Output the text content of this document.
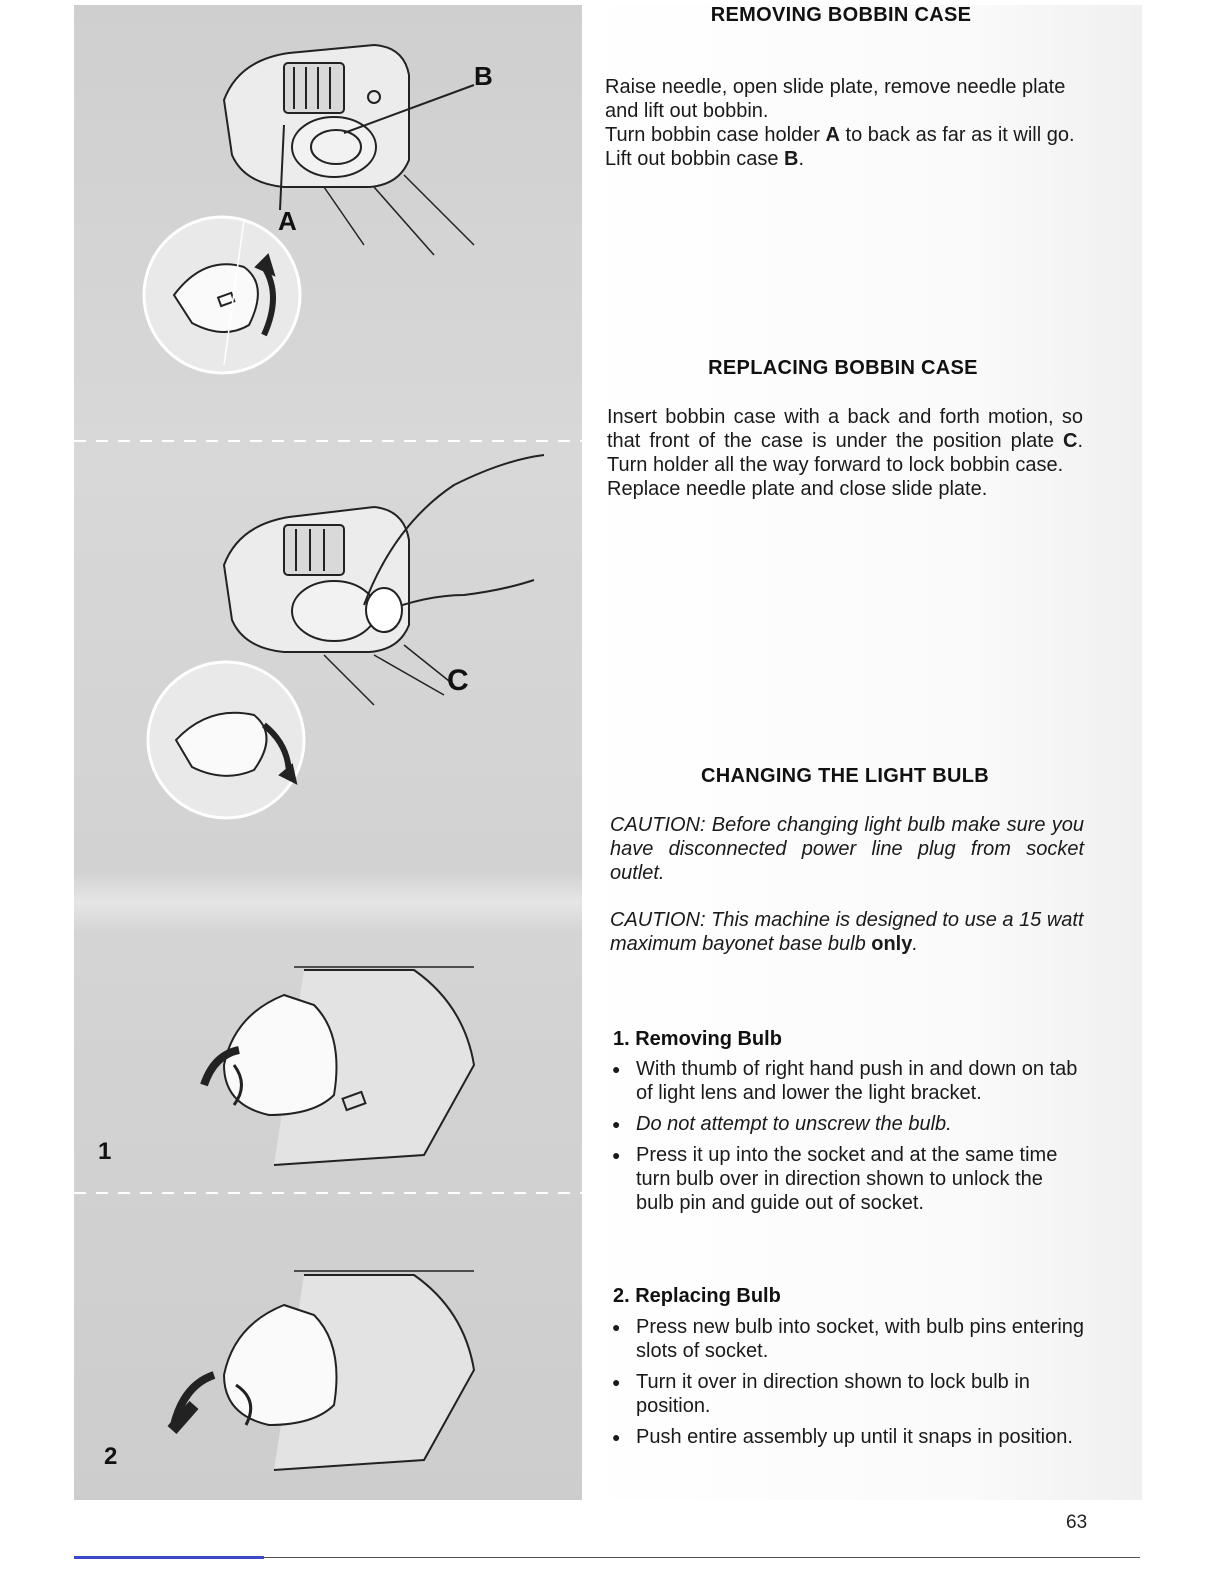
B
A
C
1
2
REMOVING BOBBIN CASE

Raise needle, open slide plate, remove needle plate and lift out bobbin.

Turn bobbin case holder A to back as far as it will go.

Lift out bobbin case B.

REPLACING BOBBIN CASE

Insert bobbin case with a back and forth motion, so that front of the case is under the position plate C. Turn holder all the way forward to lock bobbin case.

Replace needle plate and close slide plate.

CHANGING THE LIGHT BULB
CAUTION: Before changing light bulb make sure you have disconnected power line plug from socket outlet.
CAUTION: This machine is designed to use a 15 watt maximum bayonet base bulb only.
1. Removing Bulb
● With thumb of right hand push in and down on tab of light lens and lower the light bracket.
● Do not attempt to unscrew the bulb.
● Press it up into the socket and at the same time turn bulb over in direction shown to unlock the bulb pin and guide out of socket.
2. Replacing Bulb
● Press new bulb into socket, with bulb pins entering slots of socket.
● Turn it over in direction shown to lock bulb in position.
● Push entire assembly up until it snaps in position.
63
